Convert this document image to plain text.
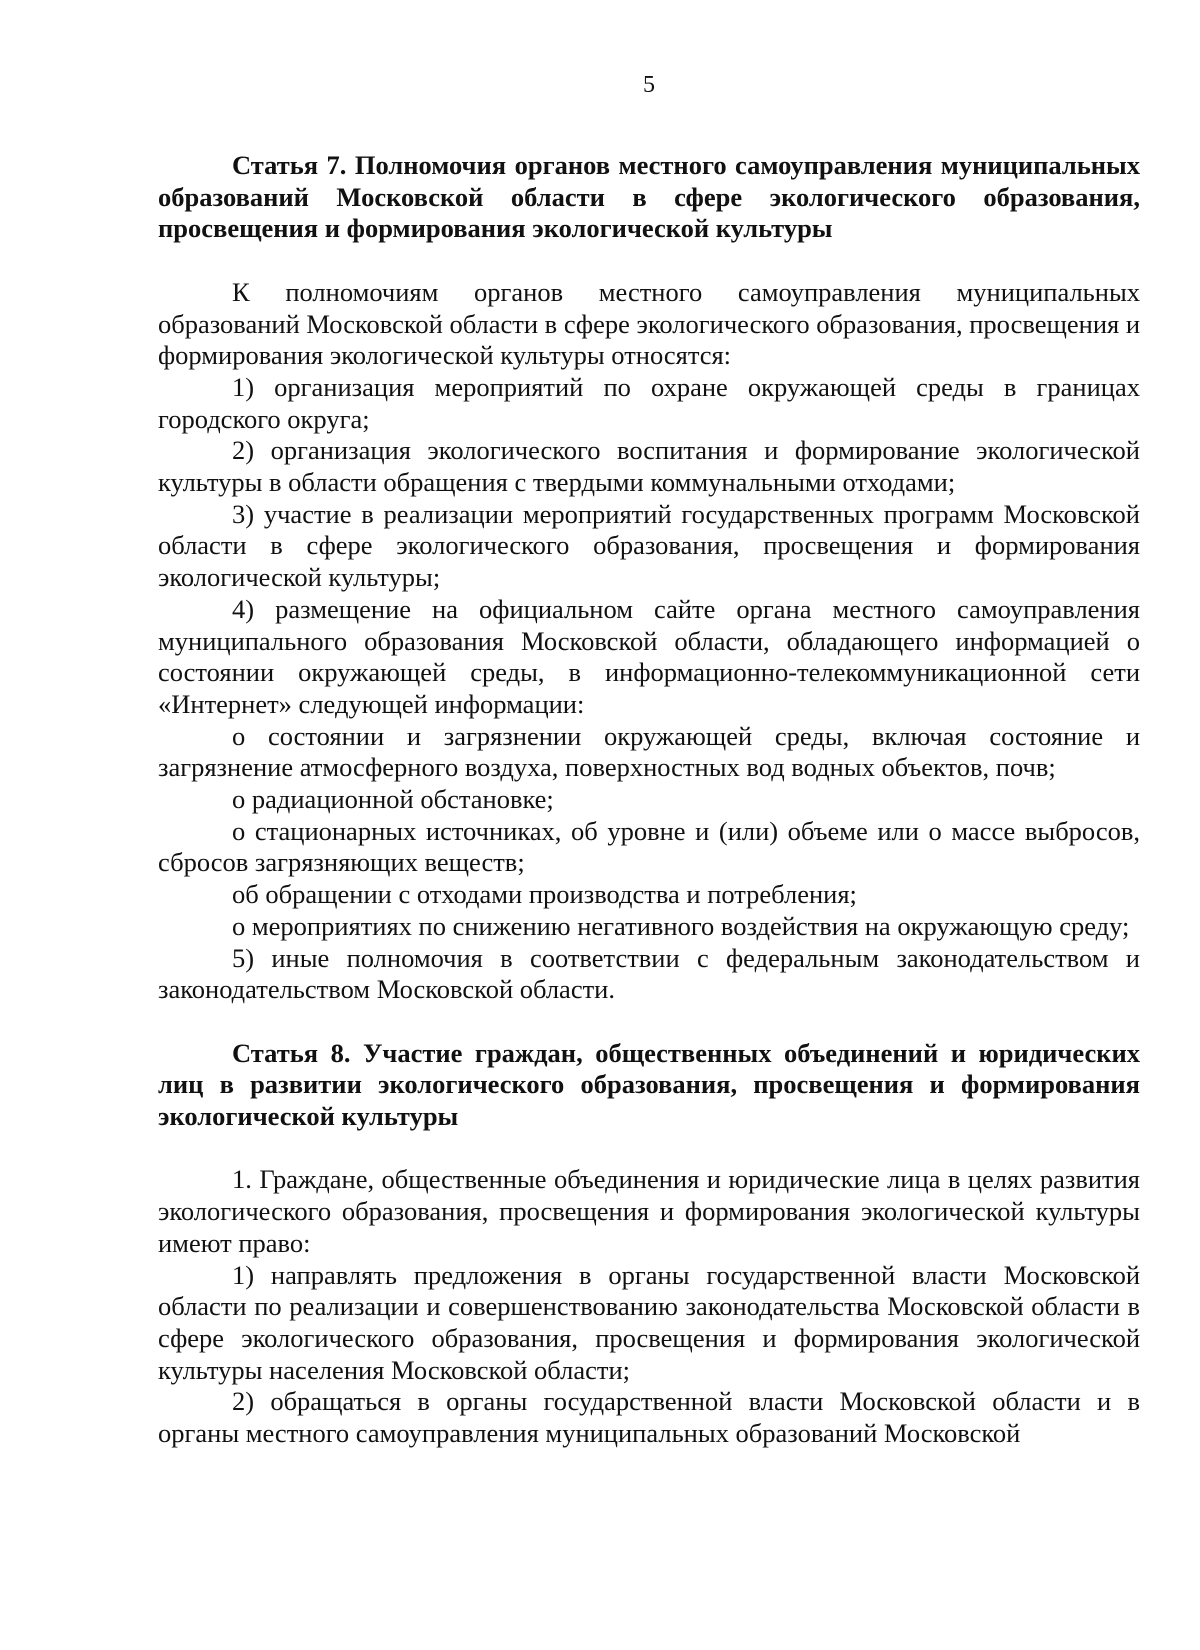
5

Статья 7. Полномочия органов местного самоуправления муниципальных образований Московской области в сфере экологического образования, просвещения и формирования экологической культуры

К полномочиям органов местного самоуправления муниципальных образований Московской области в сфере экологического образования, просвещения и формирования экологической культуры относятся:

1) организация мероприятий по охране окружающей среды в границах городского округа;

2) организация экологического воспитания и формирование экологической культуры в области обращения с твердыми коммунальными отходами;

3) участие в реализации мероприятий государственных программ Московской области в сфере экологического образования, просвещения и формирования экологической культуры;

4) размещение на официальном сайте органа местного самоуправления муниципального образования Московской области, обладающего информацией о состоянии окружающей среды, в информационно-телекоммуникационной сети «Интернет» следующей информации:

о состоянии и загрязнении окружающей среды, включая состояние и загрязнение атмосферного воздуха, поверхностных вод водных объектов, почв;

о радиационной обстановке;

о стационарных источниках, об уровне и (или) объеме или о массе выбросов, сбросов загрязняющих веществ;

об обращении с отходами производства и потребления;

о мероприятиях по снижению негативного воздействия на окружающую среду;

5) иные полномочия в соответствии с федеральным законодательством и законодательством Московской области.

Статья 8. Участие граждан, общественных объединений и юридических лиц в развитии экологического образования, просвещения и формирования экологической культуры

1. Граждане, общественные объединения и юридические лица в целях развития экологического образования, просвещения и формирования экологической культуры имеют право:

1) направлять предложения в органы государственной власти Московской области по реализации и совершенствованию законодательства Московской области в сфере экологического образования, просвещения и формирования экологической культуры населения Московской области;

2) обращаться в органы государственной власти Московской области и в органы местного самоуправления муниципальных образований Московской
